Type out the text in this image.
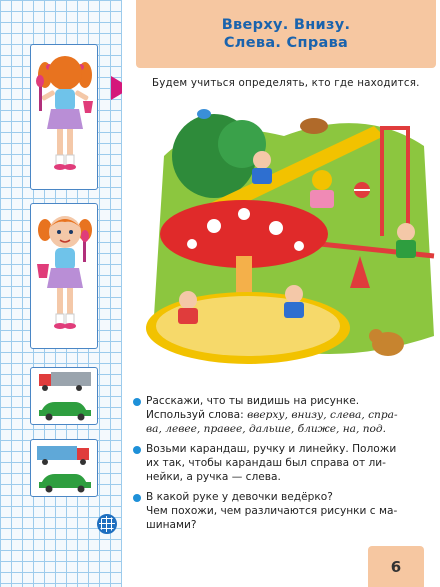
Вверху. Внизу.
Слева. Справа
Будем учиться определять, кто где находится.
Расскажи, что ты видишь на рисунке.
Используй слова: вверху, внизу, слева, спра-
ва, левее, правее, дальше, ближе, на, под.
Возьми карандаш, ручку и линейку. Положи
их так, чтобы карандаш был справа от ли-
нейки, а ручка — слева.
В какой руке у девочки ведёрко?
Чем похожи, чем различаются рисунки с ма-
шинами?
6
